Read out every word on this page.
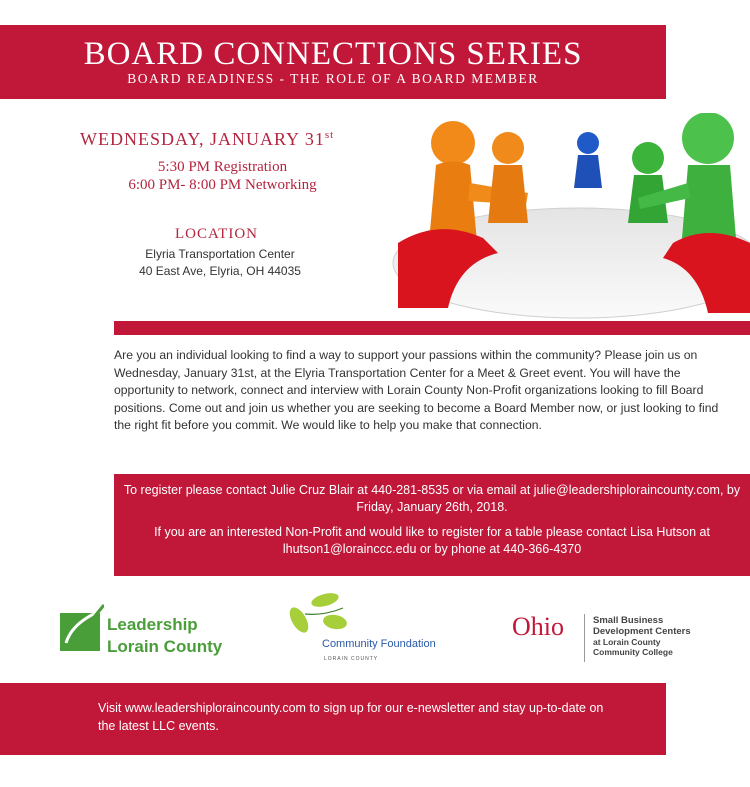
BOARD CONNECTIONS SERIES
BOARD READINESS - THE ROLE OF A BOARD MEMBER
WEDNESDAY, JANUARY 31st
5:30 PM Registration
6:00 PM- 8:00 PM Networking
LOCATION
Elyria Transportation Center
40 East Ave, Elyria, OH 44035
Are you an individual looking to find a way to support your passions within the community? Please join us on Wednesday, January 31st, at the Elyria Transportation Center for a Meet & Greet event. You will have the opportunity to network, connect and interview with Lorain County Non-Profit organizations looking to fill Board positions. Come out and join us whether you are seeking to become a Board Member now, or just looking to find the right fit before you commit. We would like to help you make that connection.

To register please contact Julie Cruz Blair at 440-281-8535 or via email at julie@leadershiplorainсounty.com, by Friday, January 26th, 2018.

If you are an interested Non-Profit and would like to register for a table please contact Lisa Hutson at lhutson1@lorainccc.edu or by phone at 440-366-4370

Leadership
Lorain County	Community Foundation
LORAIN COUNTY
Ohio	Small Business
Development Centers
at Lorain County
Community College
Visit www.leadershiplorainсounty.com to sign up for our e-newsletter and stay up-to-date on the latest LLC events.
